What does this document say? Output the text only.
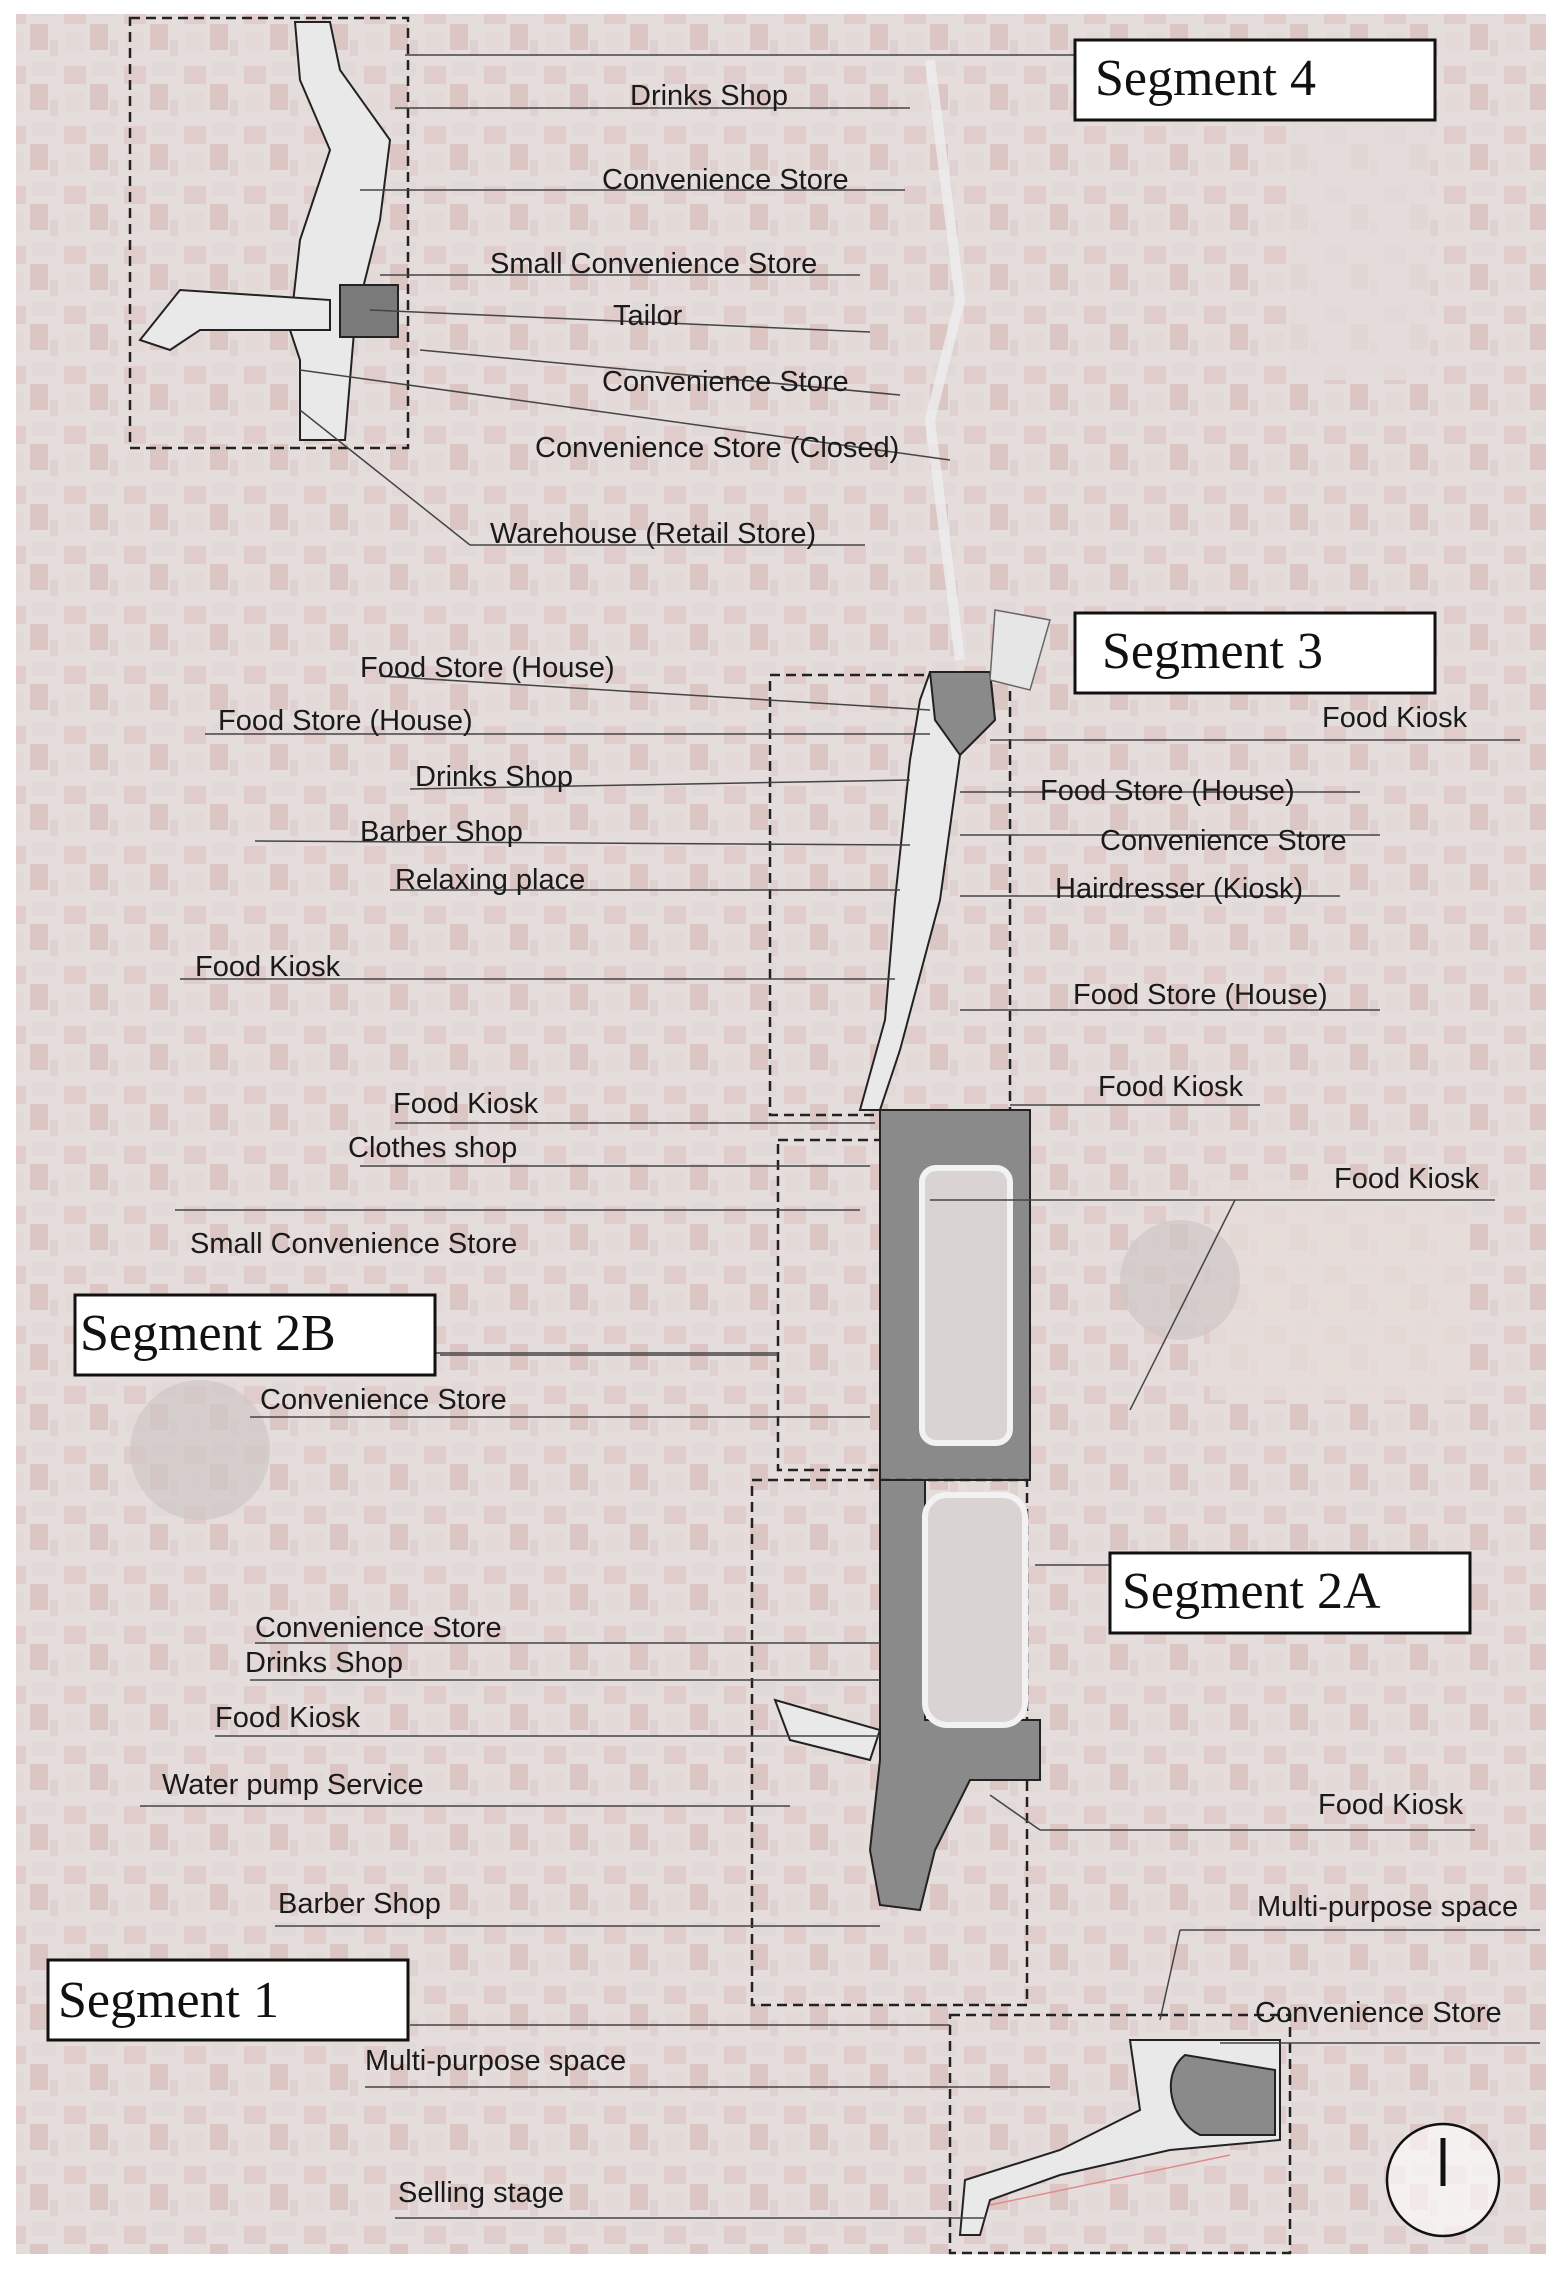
Segment 4
Segment 3
Segment 2B
Segment 2A
Segment 1
Drinks Shop
Convenience Store
Small Convenience Store
Tailor
Convenience Store
Convenience Store (Closed)
Warehouse (Retail Store)
Food Store (House)
Food Store (House)
Drinks Shop
Barber Shop
Relaxing place
Food Kiosk
Food Kiosk
Food Store (House)
Convenience Store
Hairdresser (Kiosk)
Food Store (House)
Food Kiosk
Food Kiosk
Food Kiosk
Clothes shop
Small Convenience Store
Convenience Store
Convenience Store
Drinks Shop
Food Kiosk
Water pump Service
Barber Shop
Food Kiosk
Multi-purpose space
Convenience Store
Multi-purpose space
Selling stage
